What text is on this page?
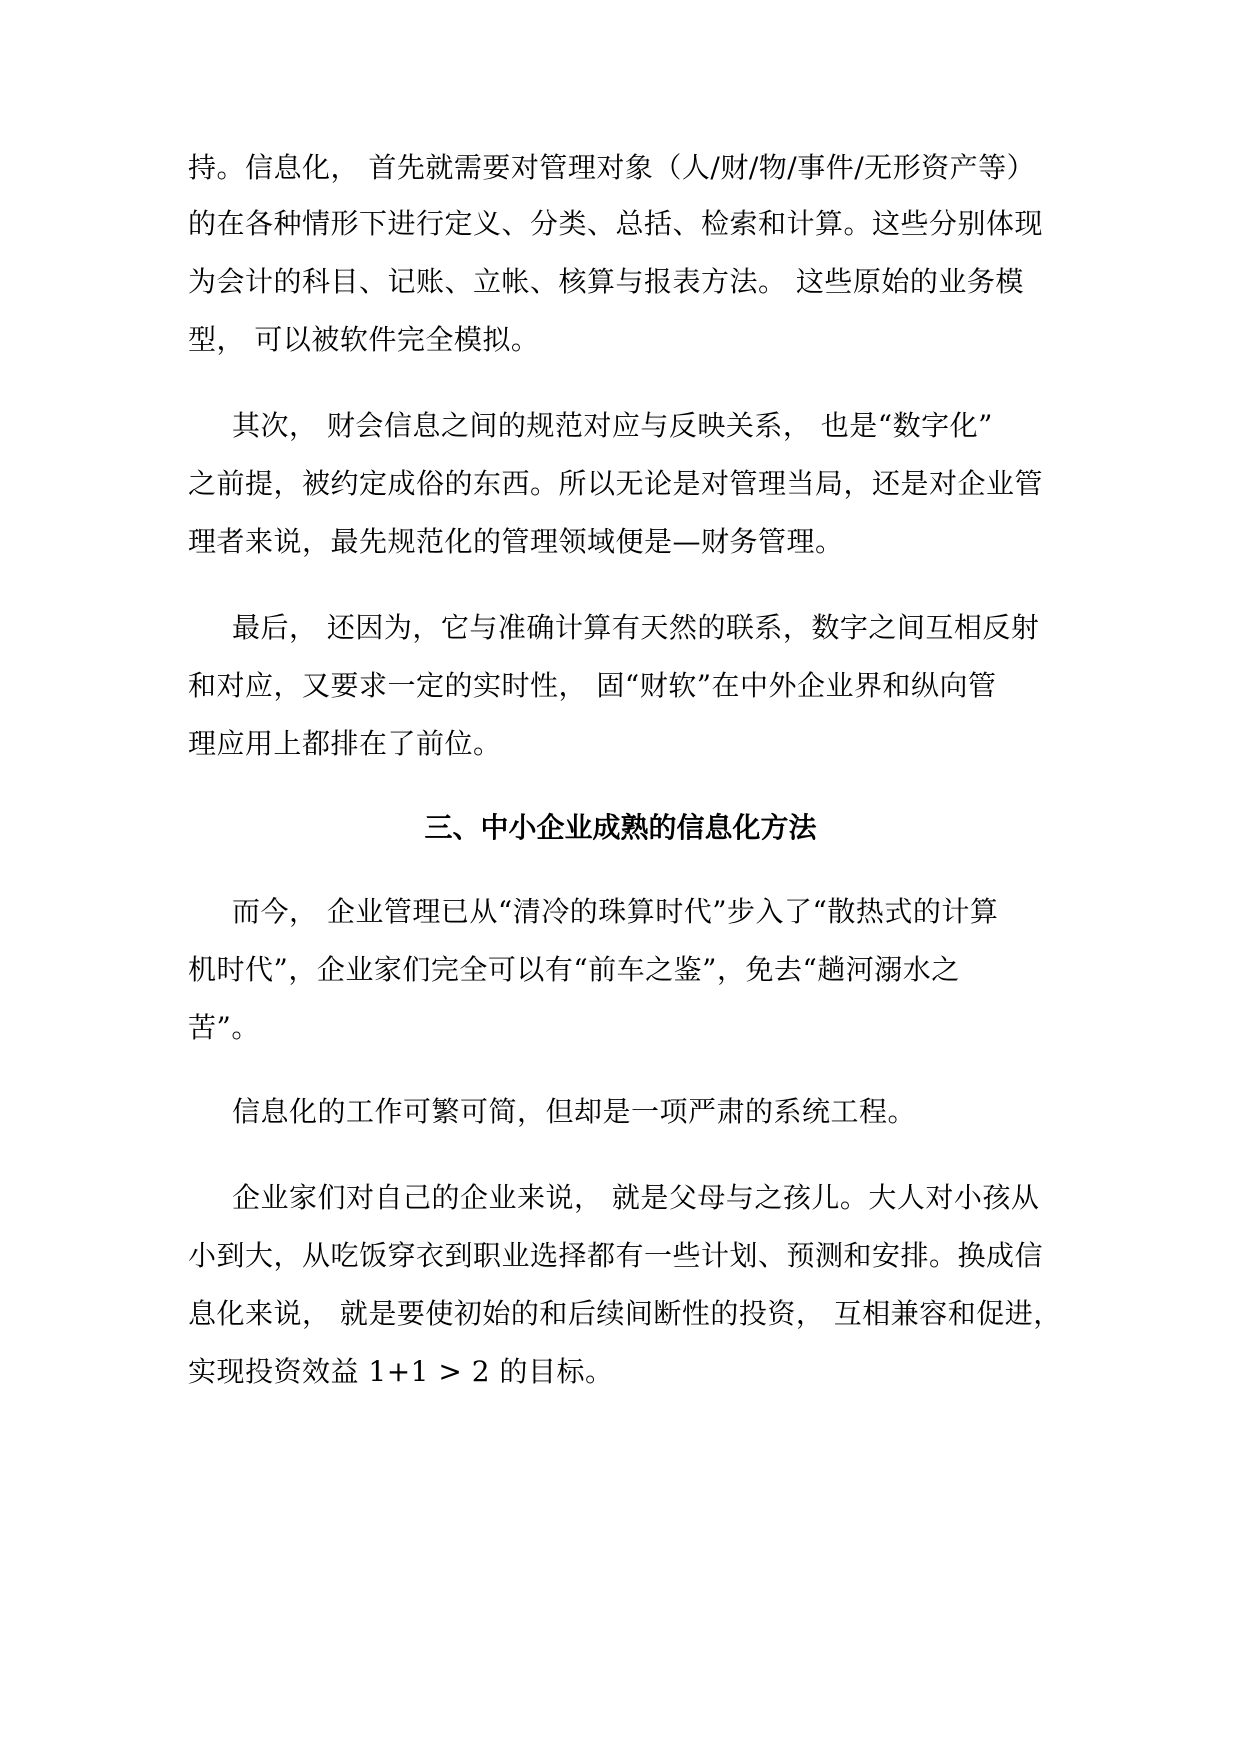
持。信息化， 首先就需要对管理对象（人/财/物/事件/无形资产等）
的在各种情形下进行定义、分类、总括、检索和计算。这些分别体现
为会计的科目、记账、立帐、核算与报表方法。 这些原始的业务模
型， 可以被软件完全模拟。
其次， 财会信息之间的规范对应与反映关系， 也是“数字化”
之前提，被约定成俗的东西。所以无论是对管理当局，还是对企业管
理者来说，最先规范化的管理领域便是—财务管理。
最后， 还因为，它与准确计算有天然的联系，数字之间互相反射
和对应，又要求一定的实时性， 固“财软”在中外企业界和纵向管
理应用上都排在了前位。
三、中小企业成熟的信息化方法
而今， 企业管理已从“清冷的珠算时代”步入了“散热式的计算
机时代”，企业家们完全可以有“前车之鉴”，免去“趟河溺水之
苦”。
信息化的工作可繁可简，但却是一项严肃的系统工程。
企业家们对自己的企业来说， 就是父母与之孩儿。大人对小孩从
小到大，从吃饭穿衣到职业选择都有一些计划、预测和安排。换成信
息化来说， 就是要使初始的和后续间断性的投资， 互相兼容和促进，
实现投资效益 1+1 > 2 的目标。
